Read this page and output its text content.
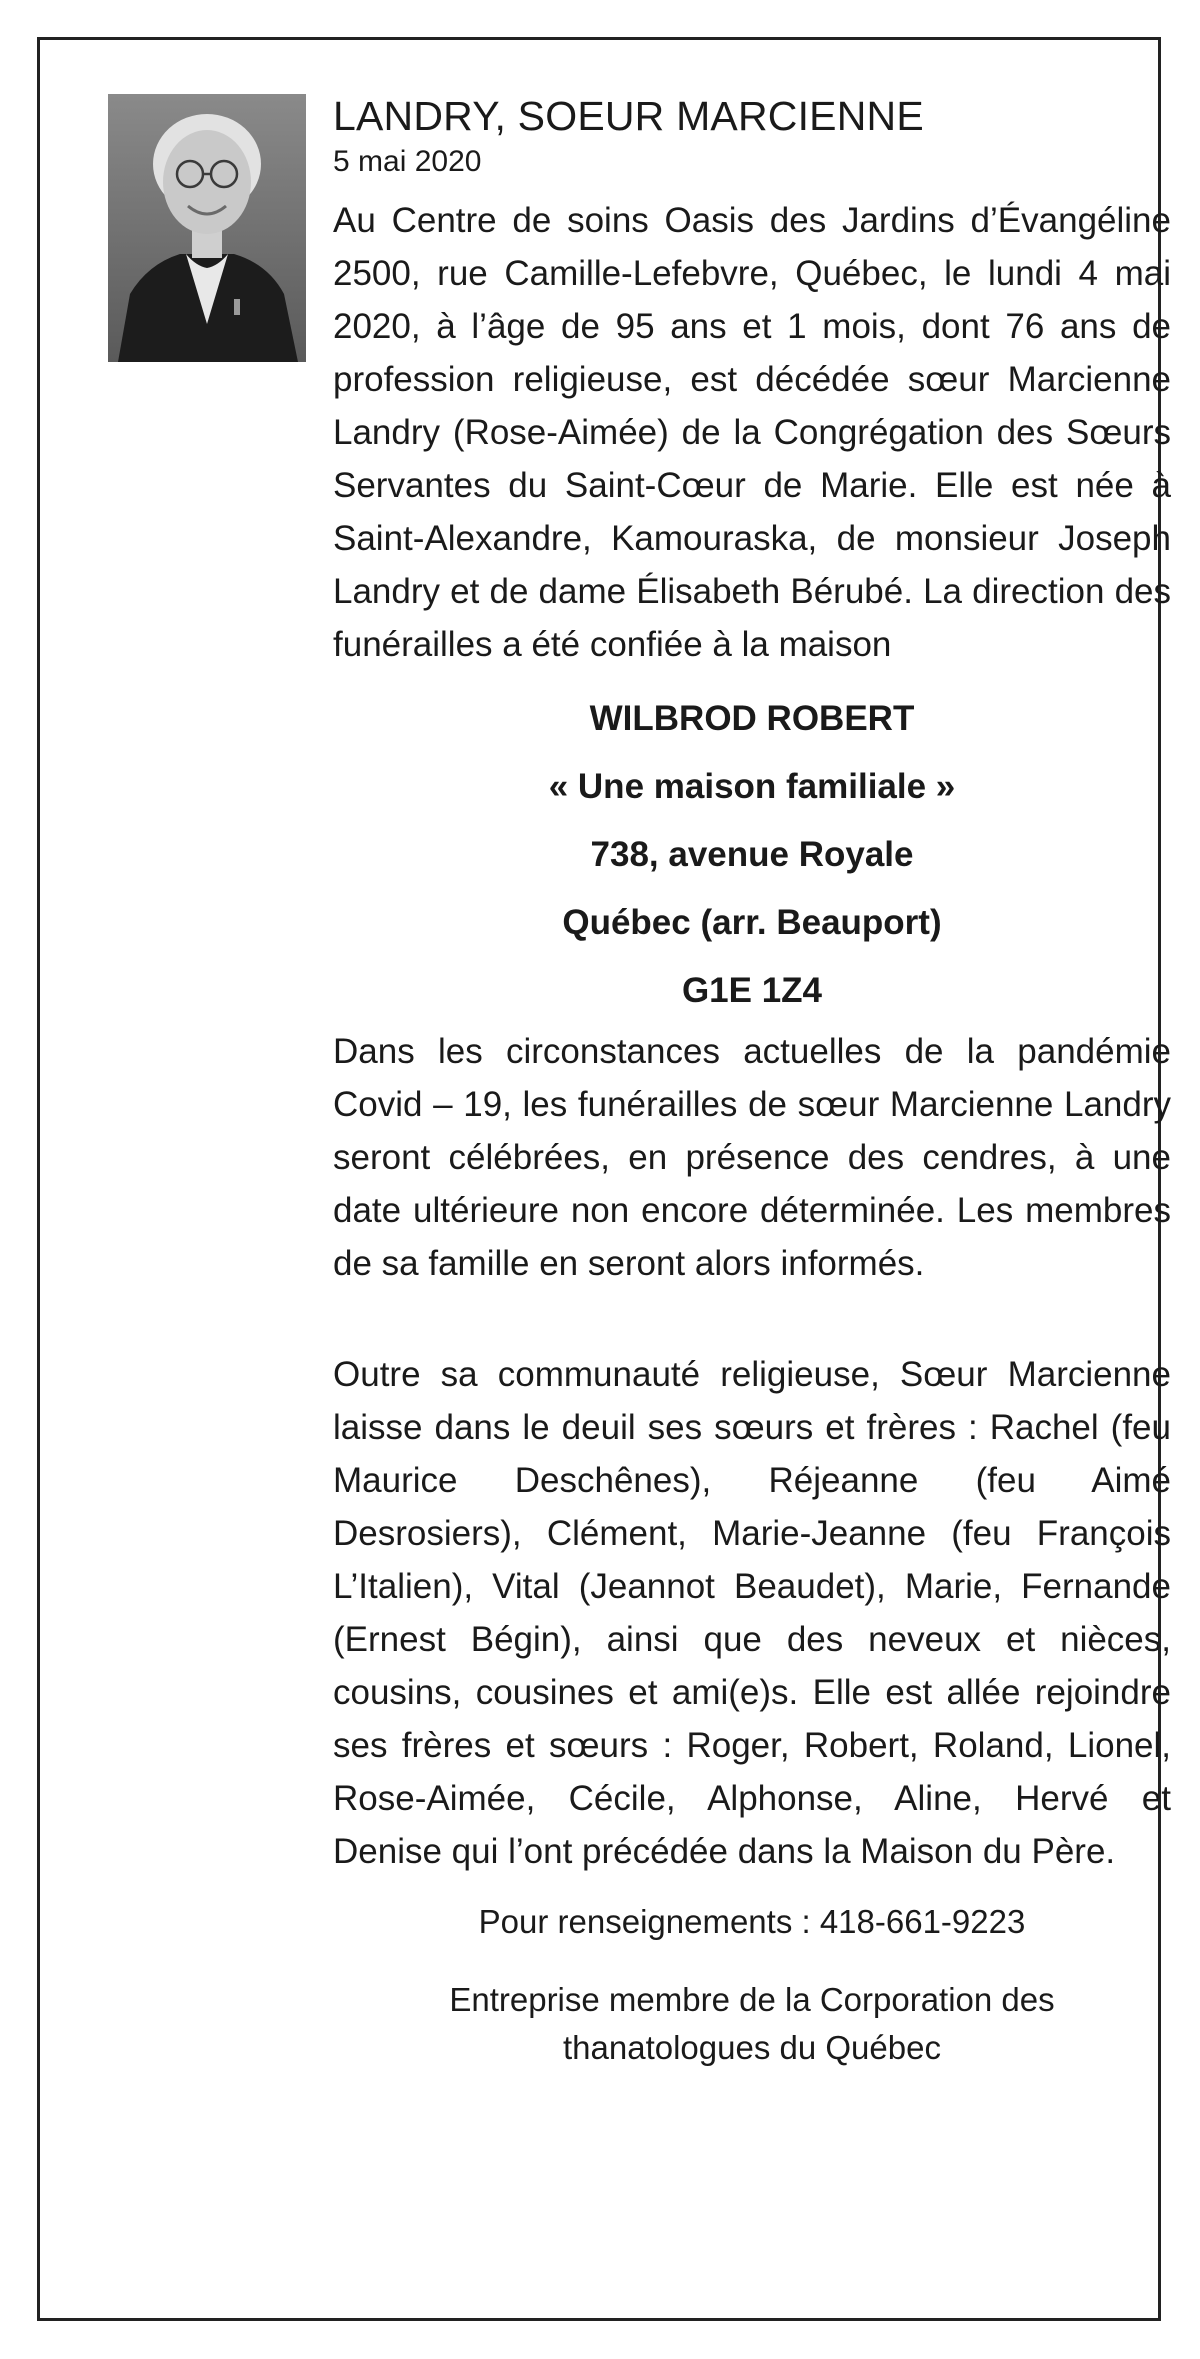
LANDRY, SOEUR MARCIENNE
5 mai 2020

Au Centre de soins Oasis des Jardins d’Évangéline 2500, rue Camille-Lefebvre, Québec, le lundi 4 mai 2020, à l’âge de 95 ans et 1 mois, dont 76 ans de profession religieuse, est décédée sœur Marcienne Landry (Rose-Aimée) de la Congrégation des Sœurs Servantes du Saint-Cœur de Marie. Elle est née à Saint-Alexandre, Kamouraska, de monsieur Joseph Landry et de dame Élisabeth Bérubé. La direction des funérailles a été confiée à la maison

WILBROD ROBERT
« Une maison familiale »
738, avenue Royale
Québec (arr. Beauport)
G1E 1Z4

Dans les circonstances actuelles de la pandémie Covid – 19, les funérailles de sœur Marcienne Landry seront célébrées, en présence des cendres, à une date ultérieure non encore déterminée. Les membres de sa famille en seront alors informés.

Outre sa communauté religieuse, Sœur Marcienne laisse dans le deuil ses sœurs et frères : Rachel (feu Maurice Deschênes), Réjeanne (feu Aimé Desrosiers), Clément, Marie-Jeanne (feu François L’Italien), Vital (Jeannot Beaudet), Marie, Fernande (Ernest Bégin), ainsi que des neveux et nièces, cousins, cousines et ami(e)s. Elle est allée rejoindre ses frères et sœurs : Roger, Robert, Roland, Lionel, Rose-Aimée, Cécile, Alphonse, Aline, Hervé et Denise qui l’ont précédée dans la Maison du Père.

Pour renseignements : 418-661-9223

Entreprise membre de la Corporation des

thanatologues du Québec
